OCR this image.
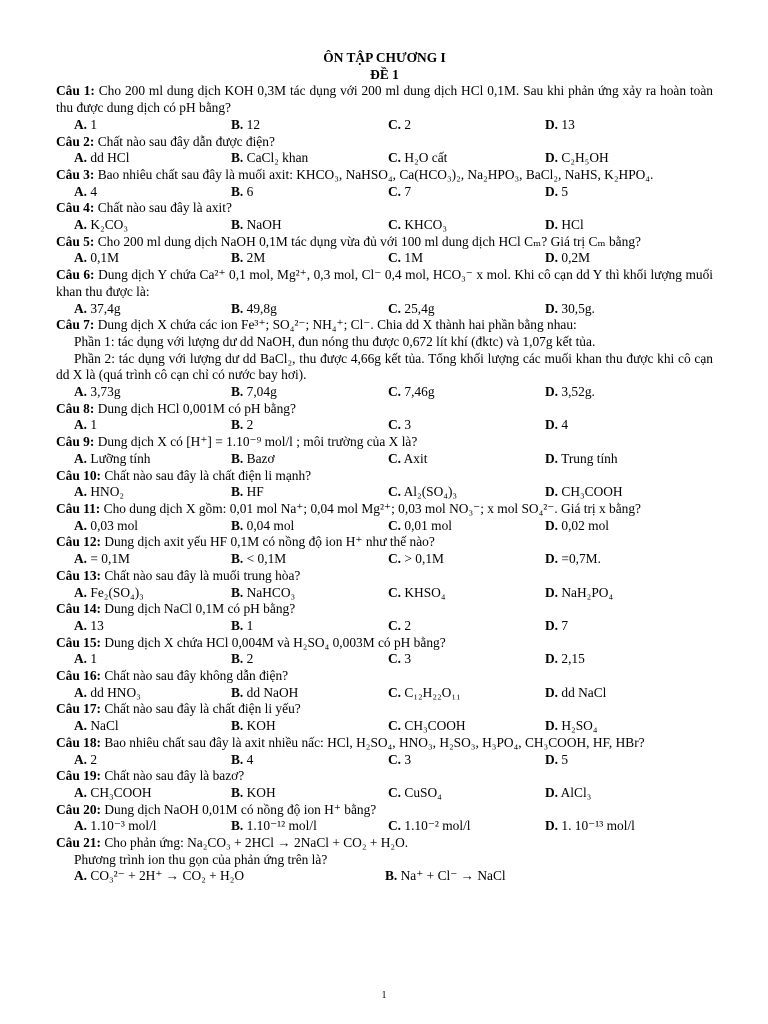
ÔN TẬP CHƯƠNG I
ĐỀ 1
Câu 1: Cho 200 ml dung dịch KOH 0,3M tác dụng với 200 ml dung dịch HCl 0,1M. Sau khi phản ứng xảy ra hoàn toàn thu được dung dịch có pH bằng?
A. 1	B. 12	C. 2	D. 13
Câu 2: Chất nào sau đây dẫn được điện?
A. dd HCl	B. CaCl₂ khan	C. H₂O cất	D. C₂H₅OH
Câu 3: Bao nhiêu chất sau đây là muối axit: KHCO₃, NaHSO₄, Ca(HCO₃)₂, Na₂HPO₃, BaCl₂, NaHS, K₂HPO₄.
A. 4	B. 6	C. 7	D. 5
Câu 4: Chất nào sau đây là axit?
A. K₂CO₃	B. NaOH	C. KHCO₃	D. HCl
Câu 5: Cho 200 ml dung dịch NaOH 0,1M tác dụng vừa đủ với 100 ml dung dịch HCl Cₘ? Giá trị Cₘ bằng?
A. 0,1M	B. 2M	C. 1M	D. 0,2M
Câu 6: Dung dịch Y chứa Ca²⁺ 0,1 mol, Mg²⁺, 0,3 mol, Cl⁻ 0,4 mol, HCO₃⁻ x mol. Khi cô cạn dd Y thì khối lượng muối khan thu được là:
A. 37,4g	B. 49,8g	C. 25,4g	D. 30,5g.
Câu 7: Dung dịch X chứa các ion Fe³⁺; SO₄²⁻; NH₄⁺; Cl⁻. Chia dd X thành hai phần bằng nhau:
Phần 1: tác dụng với lượng dư dd NaOH, đun nóng thu được 0,672 lít khí (đktc) và 1,07g kết tủa.
Phần 2: tác dụng với lượng dư dd BaCl₂, thu được 4,66g kết tủa. Tổng khối lượng các muối khan thu được khi cô cạn dd X là (quá trình cô cạn chỉ có nước bay hơi).
A. 3,73g	B. 7,04g	C. 7,46g	D. 3,52g.
Câu 8: Dung dịch HCl 0,001M có pH bằng?
A. 1	B. 2	C. 3	D. 4
Câu 9: Dung dịch X có [H⁺] = 1.10⁻⁹ mol/l ; môi trường của X là?
A. Lưỡng tính	B. Bazơ	C. Axit	D. Trung tính
Câu 10: Chất nào sau đây là chất điện li mạnh?
A. HNO₂	B. HF	C. Al₂(SO₄)₃	D. CH₃COOH
Câu 11: Cho dung dịch X gồm: 0,01 mol Na⁺; 0,04 mol Mg²⁺; 0,03 mol NO₃⁻; x mol SO₄²⁻. Giá trị x bằng?
A. 0,03 mol	B. 0,04 mol	C. 0,01 mol	D. 0,02 mol
Câu 12: Dung dịch axit yếu HF 0,1M có nồng độ ion H⁺ như thế nào?
A. = 0,1M	B. < 0,1M	C. > 0,1M	D. =0,7M.
Câu 13: Chất nào sau đây là muối trung hòa?
A. Fe₂(SO₄)₃	B. NaHCO₃	C. KHSO₄	D. NaH₂PO₄
Câu 14: Dung dịch NaCl 0,1M có pH bằng?
A. 13	B. 1	C. 2	D. 7
Câu 15: Dung dịch X chứa HCl 0,004M và H₂SO₄ 0,003M có pH bằng?
A. 1	B. 2	C. 3	D. 2,15
Câu 16: Chất nào sau đây không dẫn điện?
A. dd HNO₃	B. dd NaOH	C. C₁₂H₂₂O₁₁	D. dd NaCl
Câu 17: Chất nào sau đây là chất điện li yếu?
A. NaCl	B. KOH	C. CH₃COOH	D. H₂SO₄
Câu 18: Bao nhiêu chất sau đây là axit nhiều nấc: HCl, H₂SO₄, HNO₃, H₂SO₃, H₃PO₄, CH₃COOH, HF, HBr?
A. 2	B. 4	C. 3	D. 5
Câu 19: Chất nào sau đây là bazơ?
A. CH₃COOH	B. KOH	C. CuSO₄	D. AlCl₃
Câu 20: Dung dịch NaOH 0,01M có nồng độ ion H⁺ bằng?
A. 1.10⁻³ mol/l	B. 1.10⁻¹² mol/l	C. 1.10⁻² mol/l	D. 1. 10⁻¹³ mol/l
Câu 21: Cho phản ứng: Na₂CO₃ + 2HCl → 2NaCl + CO₂ + H₂O.
Phương trình ion thu gọn của phản ứng trên là?
A. CO₃²⁻ + 2H⁺ → CO₂ + H₂O	B. Na⁺ + Cl⁻ → NaCl
1
